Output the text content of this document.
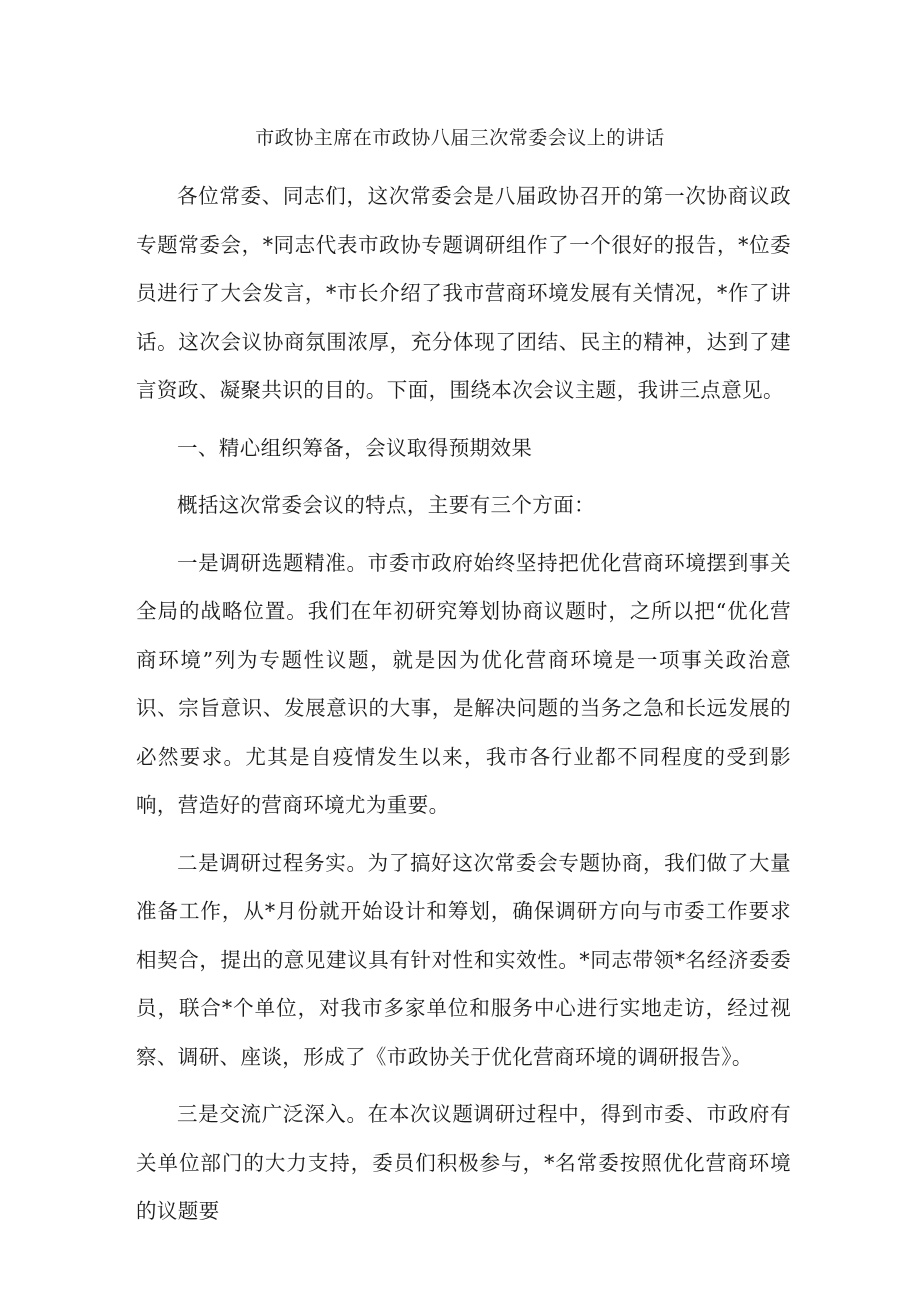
市政协主席在市政协八届三次常委会议上的讲话

各位常委、同志们，这次常委会是八届政协召开的第一次协商议政专题常委会，*同志代表市政协专题调研组作了一个很好的报告，*位委员进行了大会发言，*市长介绍了我市营商环境发展有关情况，*作了讲话。这次会议协商氛围浓厚，充分体现了团结、民主的精神，达到了建言资政、凝聚共识的目的。下面，围绕本次会议主题，我讲三点意见。

一、精心组织筹备，会议取得预期效果

概括这次常委会议的特点，主要有三个方面：

一是调研选题精准。市委市政府始终坚持把优化营商环境摆到事关全局的战略位置。我们在年初研究筹划协商议题时，之所以把“优化营商环境”列为专题性议题，就是因为优化营商环境是一项事关政治意识、宗旨意识、发展意识的大事，是解决问题的当务之急和长远发展的必然要求。尤其是自疫情发生以来，我市各行业都不同程度的受到影响，营造好的营商环境尤为重要。

二是调研过程务实。为了搞好这次常委会专题协商，我们做了大量准备工作，从*月份就开始设计和筹划，确保调研方向与市委工作要求相契合，提出的意见建议具有针对性和实效性。*同志带领*名经济委委员，联合*个单位，对我市多家单位和服务中心进行实地走访，经过视察、调研、座谈，形成了《市政协关于优化营商环境的调研报告》。

三是交流广泛深入。在本次议题调研过程中，得到市委、市政府有关单位部门的大力支持，委员们积极参与，*名常委按照优化营商环境的议题要
